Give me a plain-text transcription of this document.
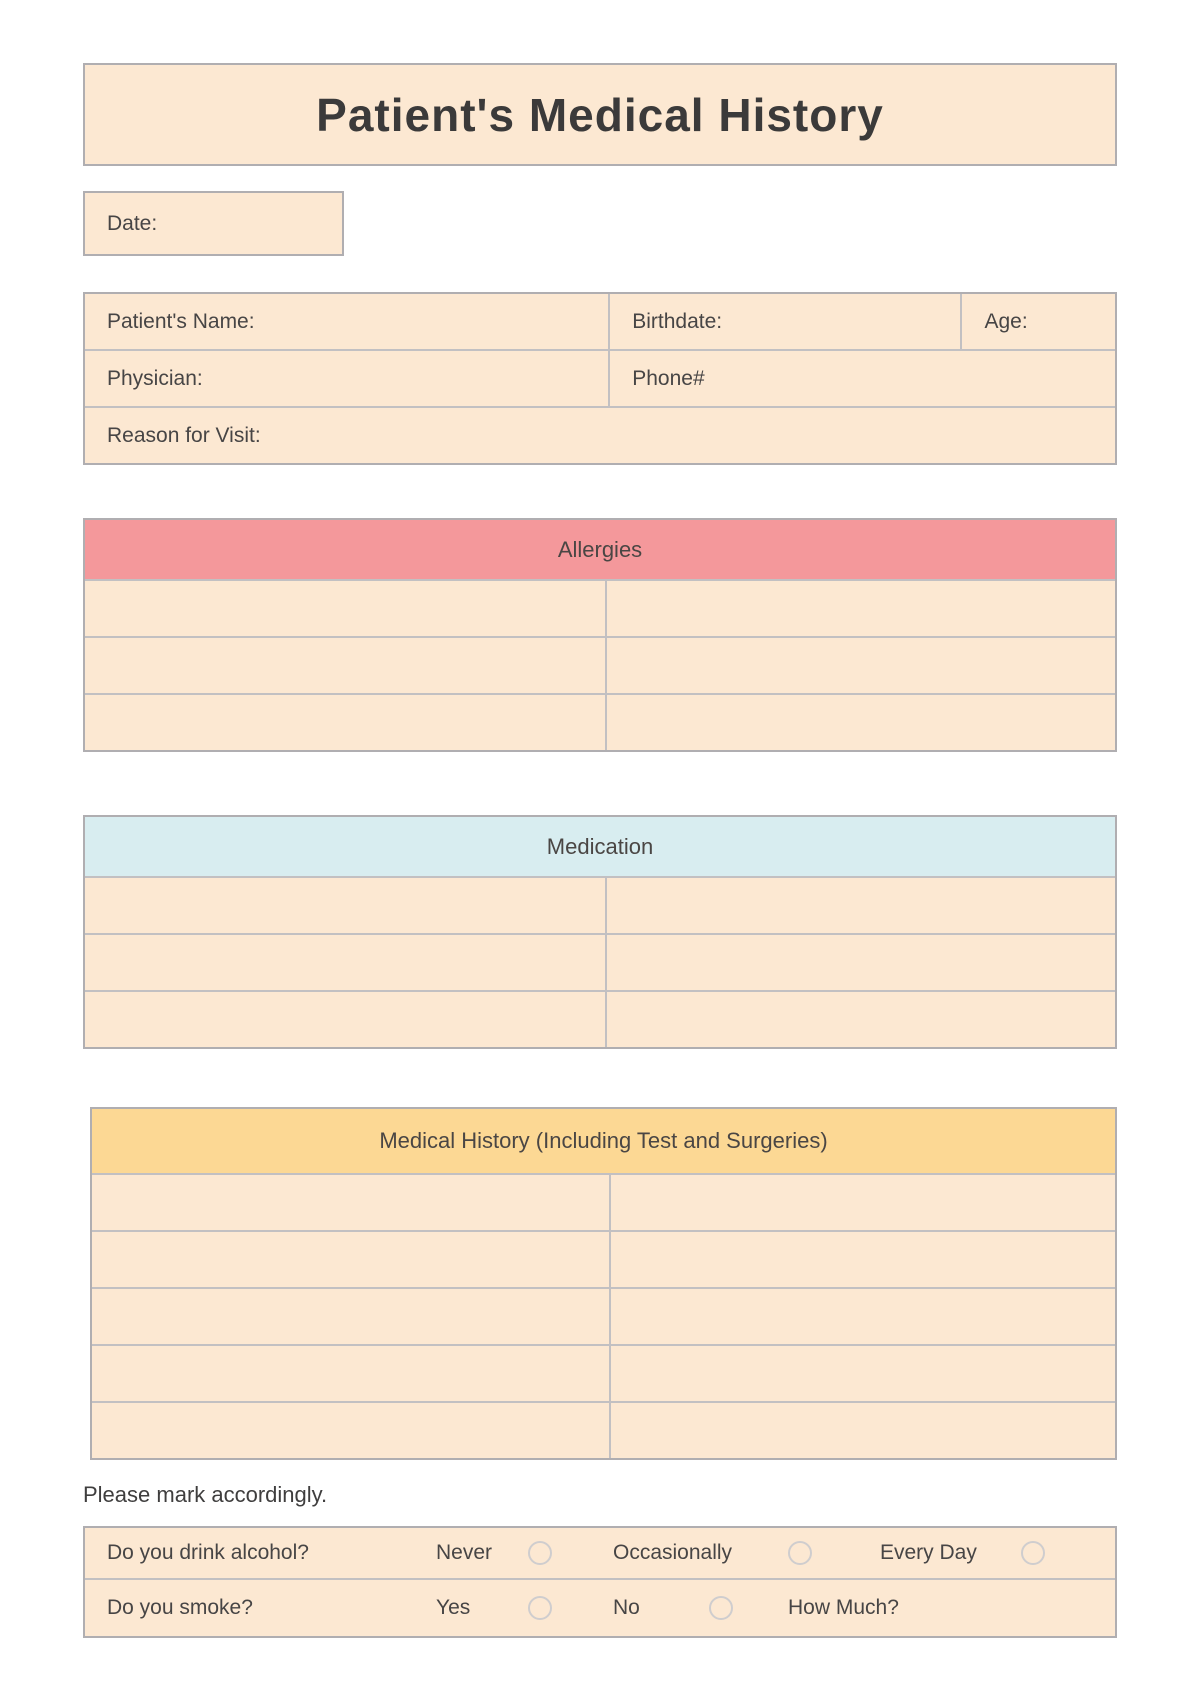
Patient's Medical History
Date:
Patient's Name:	Birthdate:	Age:
Physician:	Phone#
Reason for Visit:
Allergies
Medication
Medical History (Including Test and Surgeries)
Please mark accordingly.
Do you drink alcohol?	Never	Occasionally	Every Day
Do you smoke?	Yes	No	How Much?
